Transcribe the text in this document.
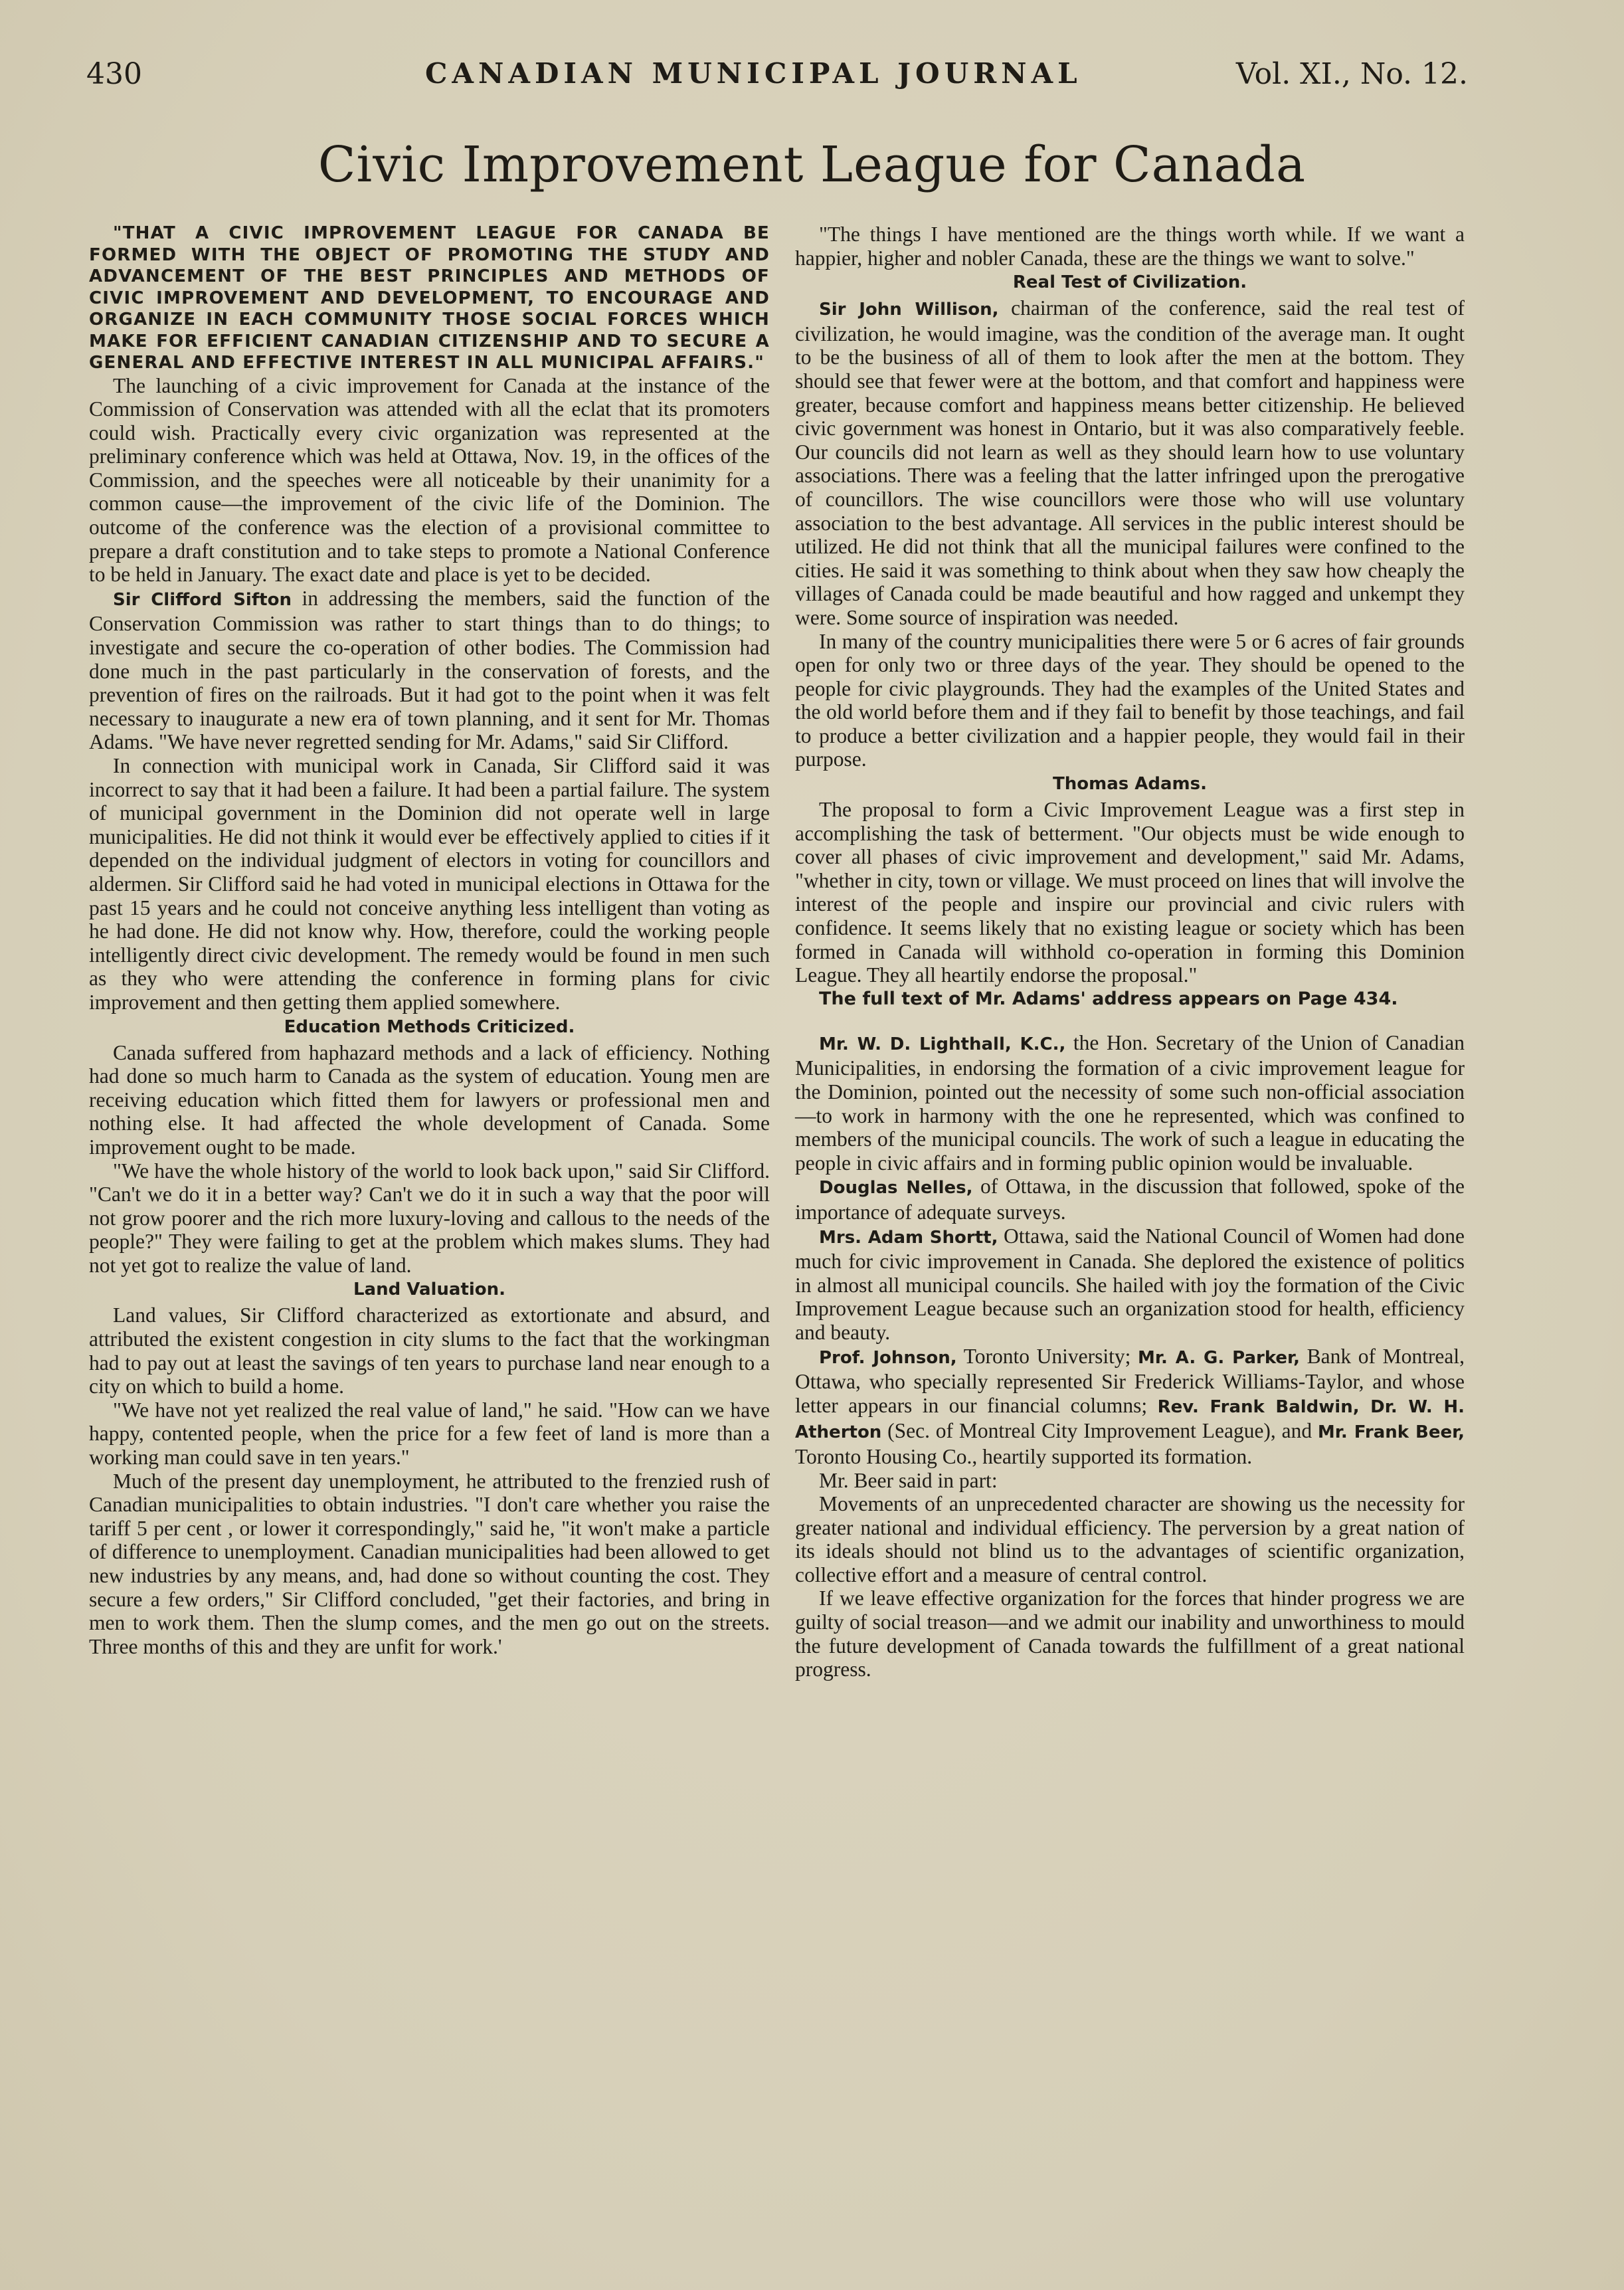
430	CANADIAN MUNICIPAL JOURNAL	Vol. XI., No. 12.
Civic Improvement League for Canada

"THAT A CIVIC IMPROVEMENT LEAGUE FOR CANADA BE FORMED WITH THE OBJECT OF PROMOTING THE STUDY AND ADVANCEMENT OF THE BEST PRINCIPLES AND METHODS OF CIVIC IMPROVEMENT AND DEVELOPMENT, TO ENCOURAGE AND ORGANIZE IN EACH COMMUNITY THOSE SOCIAL FORCES WHICH MAKE FOR EFFICIENT CANADIAN CITIZENSHIP AND TO SECURE A GENERAL AND EFFECTIVE INTEREST IN ALL MUNICIPAL AFFAIRS."

The launching of a civic improvement for Canada at the instance of the Commission of Conservation was attended with all the eclat that its promoters could wish. Practically every civic organization was represented at the preliminary conference which was held at Ottawa, Nov. 19, in the offices of the Commission, and the speeches were all noticeable by their unanimity for a common cause—the improvement of the civic life of the Dominion. The outcome of the conference was the election of a provisional committee to prepare a draft constitution and to take steps to promote a National Conference to be held in January. The exact date and place is yet to be decided.

Sir Clifford Sifton in addressing the members, said the function of the Conservation Commission was rather to start things than to do things; to investigate and secure the co-operation of other bodies. The Commission had done much in the past particularly in the conservation of forests, and the prevention of fires on the railroads. But it had got to the point when it was felt necessary to inaugurate a new era of town planning, and it sent for Mr. Thomas Adams. "We have never regretted sending for Mr. Adams," said Sir Clifford.

In connection with municipal work in Canada, Sir Clifford said it was incorrect to say that it had been a failure. It had been a partial failure. The system of municipal government in the Dominion did not operate well in large municipalities. He did not think it would ever be effectively applied to cities if it depended on the individual judgment of electors in voting for councillors and aldermen. Sir Clifford said he had voted in municipal elections in Ottawa for the past 15 years and he could not conceive anything less intelligent than voting as he had done. He did not know why. How, therefore, could the working people intelligently direct civic development. The remedy would be found in men such as they who were attending the conference in forming plans for civic improvement and then getting them applied somewhere.

Education Methods Criticized.

Canada suffered from haphazard methods and a lack of efficiency. Nothing had done so much harm to Canada as the system of education. Young men are receiving education which fitted them for lawyers or professional men and nothing else. It had affected the whole development of Canada. Some improvement ought to be made.

"We have the whole history of the world to look back upon," said Sir Clifford. "Can't we do it in a better way? Can't we do it in such a way that the poor will not grow poorer and the rich more luxury-loving and callous to the needs of the people?" They were failing to get at the problem which makes slums. They had not yet got to realize the value of land.

Land Valuation.

Land values, Sir Clifford characterized as extortionate and absurd, and attributed the existent congestion in city slums to the fact that the workingman had to pay out at least the savings of ten years to purchase land near enough to a city on which to build a home.

"We have not yet realized the real value of land," he said. "How can we have happy, contented people, when the price for a few feet of land is more than a working man could save in ten years."

Much of the present day unemployment, he attributed to the frenzied rush of Canadian municipalities to obtain industries. "I don't care whether you raise the tariff 5 per cent , or lower it correspondingly," said he, "it won't make a particle of difference to unemployment. Canadian municipalities had been allowed to get new industries by any means, and, had done so without counting the cost. They secure a few orders," Sir Clifford concluded, "get their factories, and bring in men to work them. Then the slump comes, and the men go out on the streets. Three months of this and they are unfit for work.'

"The things I have mentioned are the things worth while. If we want a happier, higher and nobler Canada, these are the things we want to solve."

Real Test of Civilization.

Sir John Willison, chairman of the conference, said the real test of civilization, he would imagine, was the condition of the average man. It ought to be the business of all of them to look after the men at the bottom. They should see that fewer were at the bottom, and that comfort and happiness were greater, because comfort and happiness means better citizenship. He believed civic government was honest in Ontario, but it was also comparatively feeble. Our councils did not learn as well as they should learn how to use voluntary associations. There was a feeling that the latter infringed upon the prerogative of councillors. The wise councillors were those who will use voluntary association to the best advantage. All services in the public interest should be utilized. He did not think that all the municipal failures were confined to the cities. He said it was something to think about when they saw how cheaply the villages of Canada could be made beautiful and how ragged and unkempt they were. Some source of inspiration was needed.

In many of the country municipalities there were 5 or 6 acres of fair grounds open for only two or three days of the year. They should be opened to the people for civic playgrounds. They had the examples of the United States and the old world before them and if they fail to benefit by those teachings, and fail to produce a better civilization and a happier people, they would fail in their purpose.

Thomas Adams.

The proposal to form a Civic Improvement League was a first step in accomplishing the task of betterment. "Our objects must be wide enough to cover all phases of civic improvement and development," said Mr. Adams, "whether in city, town or village. We must proceed on lines that will involve the interest of the people and inspire our provincial and civic rulers with confidence. It seems likely that no existing league or society which has been formed in Canada will withhold co-operation in forming this Dominion League. They all heartily endorse the proposal."

The full text of Mr. Adams' address appears on Page 434.

Mr. W. D. Lighthall, K.C., the Hon. Secretary of the Union of Canadian Municipalities, in endorsing the formation of a civic improvement league for the Dominion, pointed out the necessity of some such non-official association—to work in harmony with the one he represented, which was confined to members of the municipal councils. The work of such a league in educating the people in civic affairs and in forming public opinion would be invaluable.

Douglas Nelles, of Ottawa, in the discussion that followed, spoke of the importance of adequate surveys.

Mrs. Adam Shortt, Ottawa, said the National Council of Women had done much for civic improvement in Canada. She deplored the existence of politics in almost all municipal councils. She hailed with joy the formation of the Civic Improvement League because such an organization stood for health, efficiency and beauty.

Prof. Johnson, Toronto University; Mr. A. G. Parker, Bank of Montreal, Ottawa, who specially represented Sir Frederick Williams-Taylor, and whose letter appears in our financial columns; Rev. Frank Baldwin, Dr. W. H. Atherton (Sec. of Montreal City Improvement League), and Mr. Frank Beer, Toronto Housing Co., heartily supported its formation.

Mr. Beer said in part:

Movements of an unprecedented character are showing us the necessity for greater national and individual efficiency. The perversion by a great nation of its ideals should not blind us to the advantages of scientific organization, collective effort and a measure of central control.

If we leave effective organization for the forces that hinder progress we are guilty of social treason—and we admit our inability and unworthiness to mould the future development of Canada towards the fulfillment of a great national progress.
